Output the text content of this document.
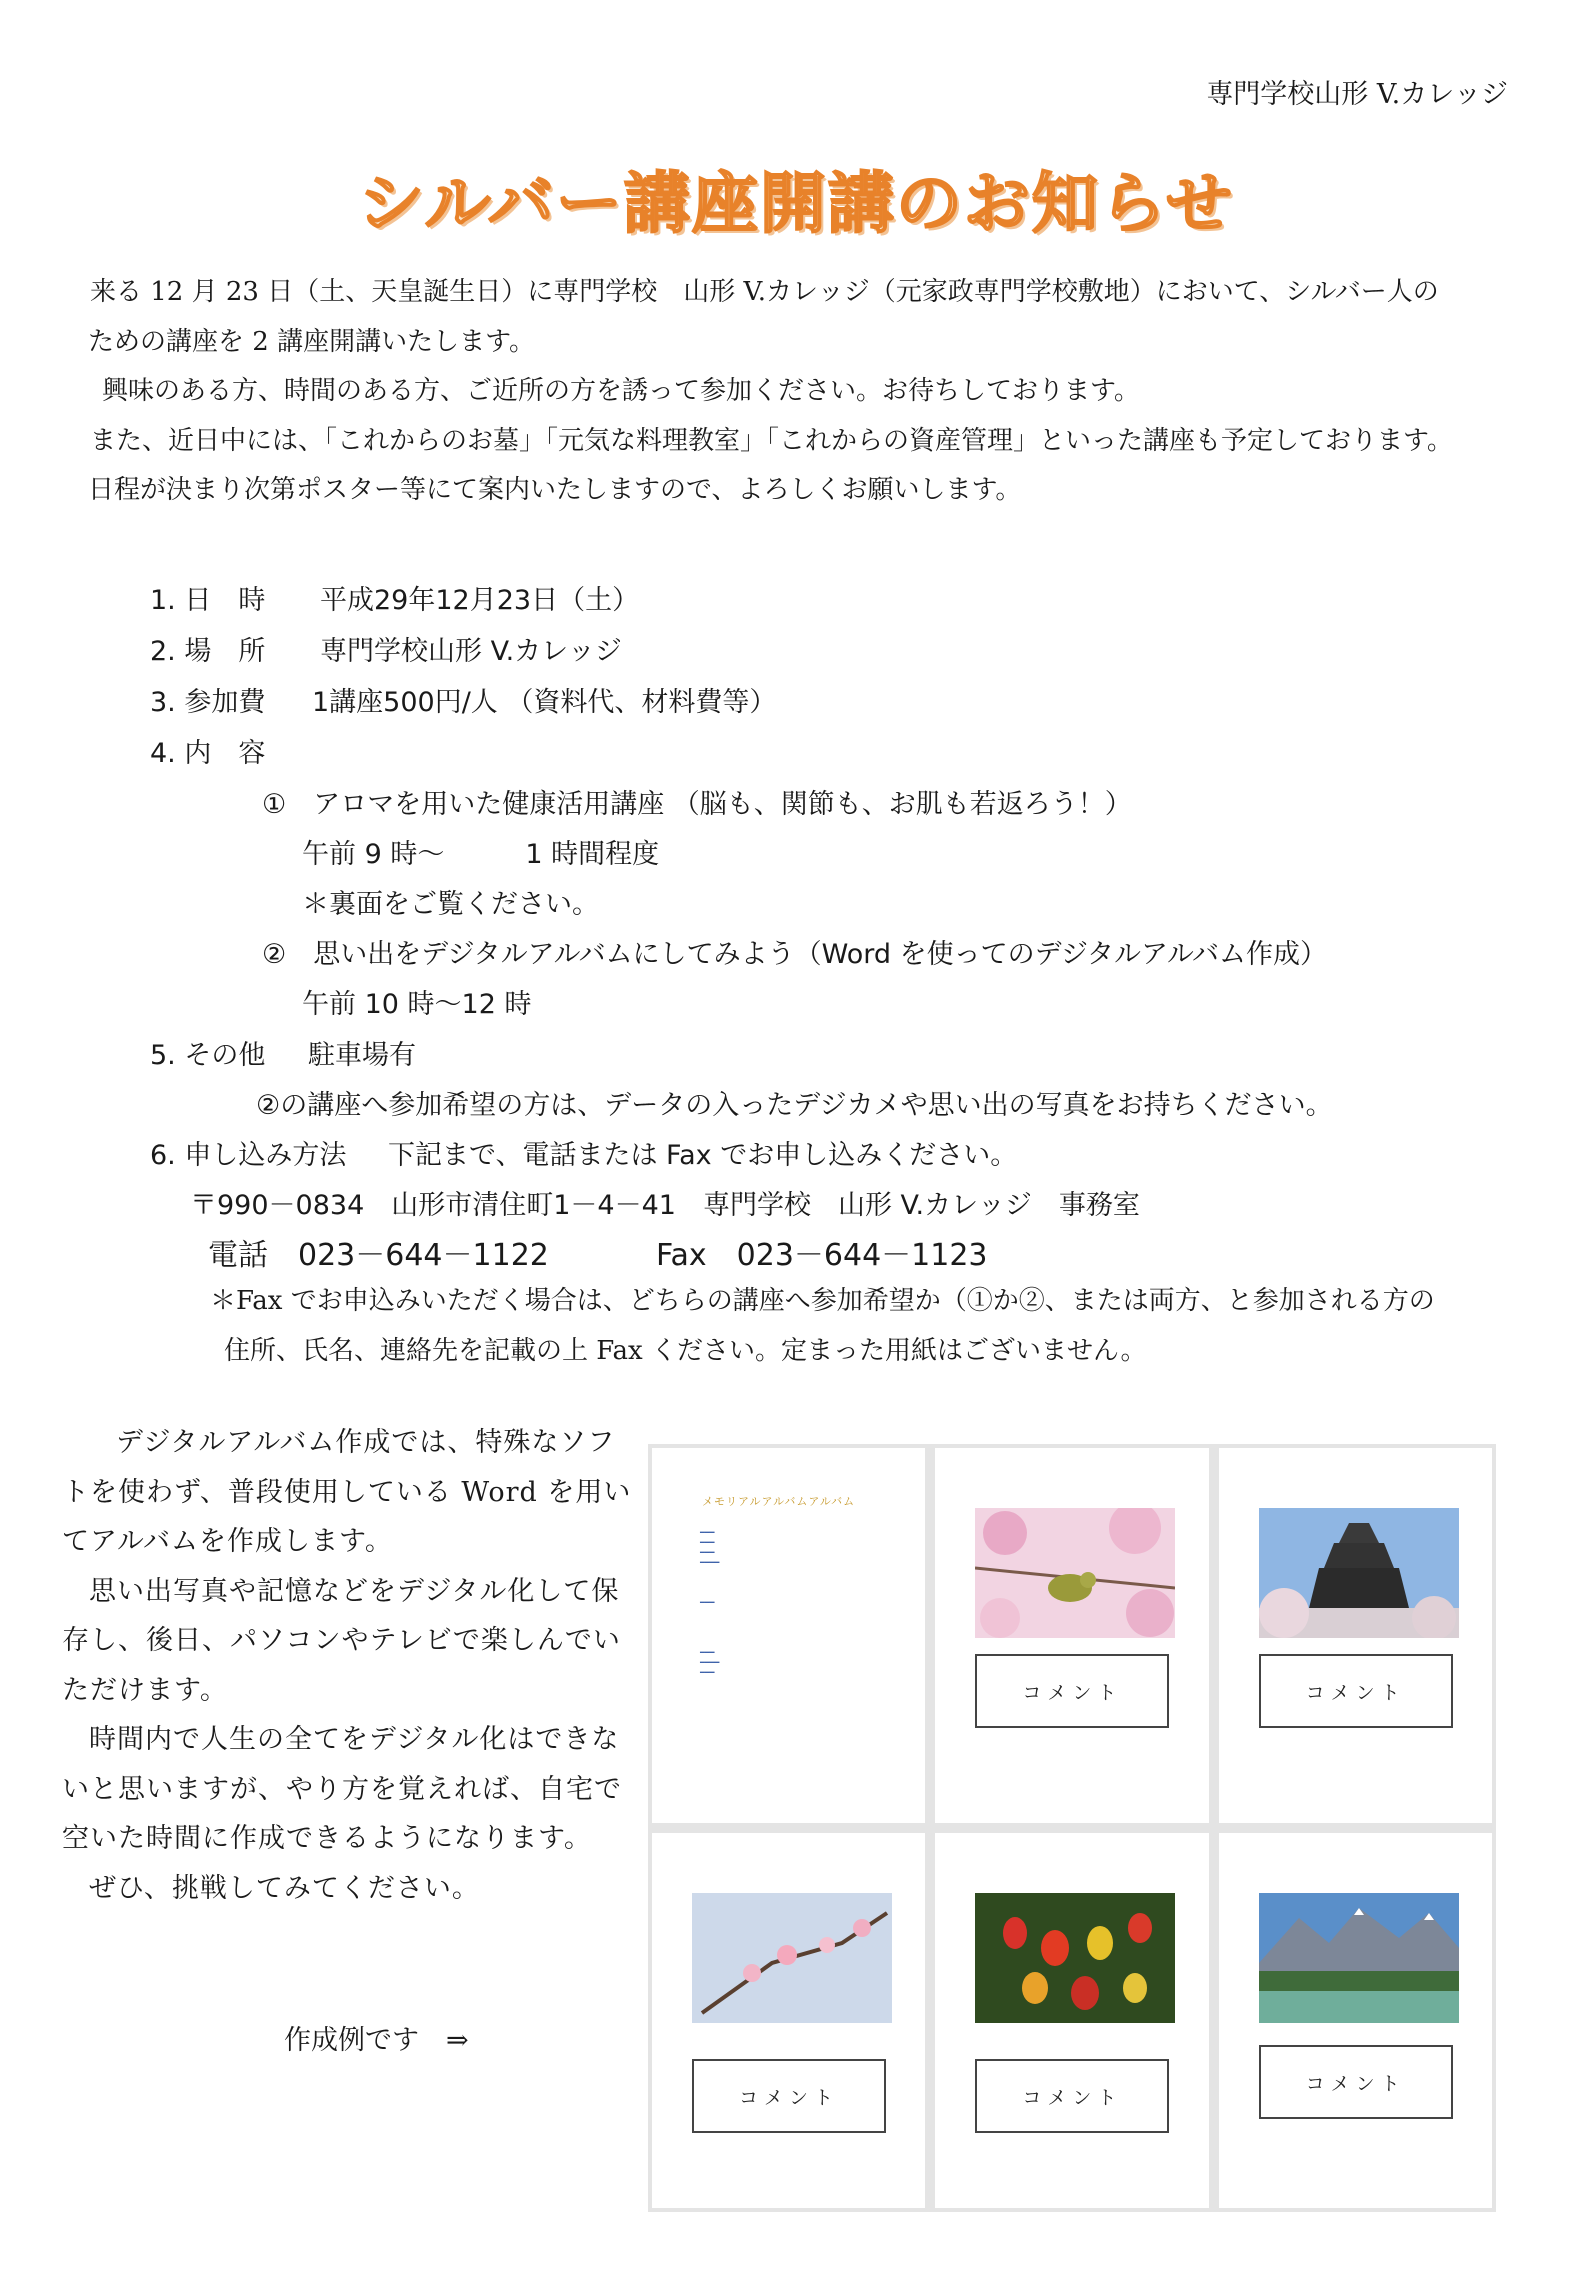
専門学校山形 V.カレッジ
シルバー講座開講のお知らせ

来る 12 月 23 日（土、天皇誕生日）に専門学校　山形 V.カレッジ（元家政専門学校敷地）において、シルバー人の

ための講座を 2 講座開講いたします。

興味のある方、時間のある方、ご近所の方を誘って参加ください。お待ちしております。

また、近日中には、「これからのお墓」「元気な料理教室」「これからの資産管理」といった講座も予定しております。

日程が決まり次第ポスター等にて案内いたしますので、よろしくお願いします。

1. 日　時 平成29年12月23日（土）
2. 場　所 専門学校山形 V.カレッジ
3. 参加費 1講座500円/人 （資料代、材料費等）
4. 内　容
①　アロマを用いた健康活用講座 （脳も、関節も、お肌も若返ろう！）
午前 9 時～　　　1 時間程度
＊裏面をご覧ください。
②　思い出をデジタルアルバムにしてみよう（Word を使ってのデジタルアルバム作成）
午前 10 時～12 時
5. その他 駐車場有
②の講座へ参加希望の方は、データの入ったデジカメや思い出の写真をお持ちください。
6. 申し込み方法 下記まで、電話または Fax でお申し込みください。
〒990－0834　山形市清住町1－4－41　専門学校　山形 V.カレッジ　事務室
電話　023－644－1122	Fax　023－644－1123
＊Fax でお申込みいただく場合は、どちらの講座へ参加希望か（①か②、または両方、と参加される方の
住所、氏名、連絡先を記載の上 Fax ください。定まった用紙はございません。

デジタルアルバム作成では、特殊なソフトを使わず、普段使用している Word を用いてアルバムを作成します。

思い出写真や記憶などをデジタル化して保存し、後日、パソコンやテレビで楽しんでいただけます。

時間内で人生の全てをデジタル化はできないと思いますが、やり方を覚えれば、自宅で空いた時間に作成できるようになります。

ぜひ、挑戦してみてください。

作成例です　⇒
メモリアルアルバムアルバム
━━━
━━━
━━━
━━━━
━━━
━━━
━━━━
━━━
コメント	コメント
コメント	コメント
コメント
